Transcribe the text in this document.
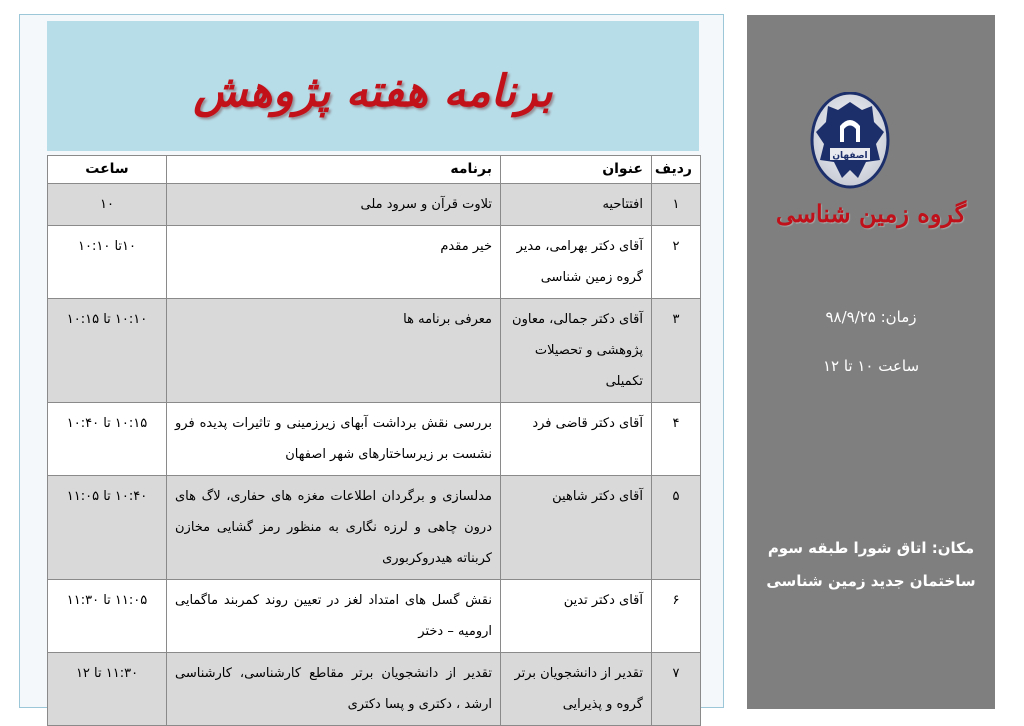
برنامه هفته پژوهش
ردیف	عنوان	برنامه	ساعت
۱	افتتاحیه	تلاوت قرآن و سرود ملی	۱۰
۲	آقای دکتر بهرامی، مدیر گروه زمین شناسی	خیر مقدم	۱۰تا ۱۰:۱۰
۳	آقای دکتر جمالی، معاون پژوهشی و تحصیلات تکمیلی	معرفی برنامه ها	۱۰:۱۰ تا ۱۰:۱۵
۴	آقای دکتر قاضی فرد	بررسی نقش برداشت آبهای زیرزمینی و تاثیرات پدیده فرو نشست بر زیرساختارهای شهر اصفهان	۱۰:۱۵ تا ۱۰:۴۰
۵	آقای دکتر شاهین	مدلسازی و برگردان اطلاعات مغزه های حفاری، لاگ های درون چاهی و لرزه نگاری به منظور رمز گشایی مخازن کربناته هیدروکربوری	۱۰:۴۰ تا ۱۱:۰۵
۶	آقای دکتر تدین	نقش گسل های امتداد لغز در تعیین روند کمربند ماگمایی ارومیه – دختر	۱۱:۰۵ تا ۱۱:۳۰
۷	تقدیر از دانشجویان برتر گروه و پذیرایی	تقدیر از دانشجویان برتر مقاطع کارشناسی، کارشناسی ارشد ، دکتری و پسا دکتری	۱۱:۳۰ تا ۱۲
اصفهان
گروه زمین شناسی
زمان: ۹۸/۹/۲۵
ساعت ۱۰ تا ۱۲
مکان: اتاق شورا طبقه سوم
ساختمان جدید زمین شناسی
